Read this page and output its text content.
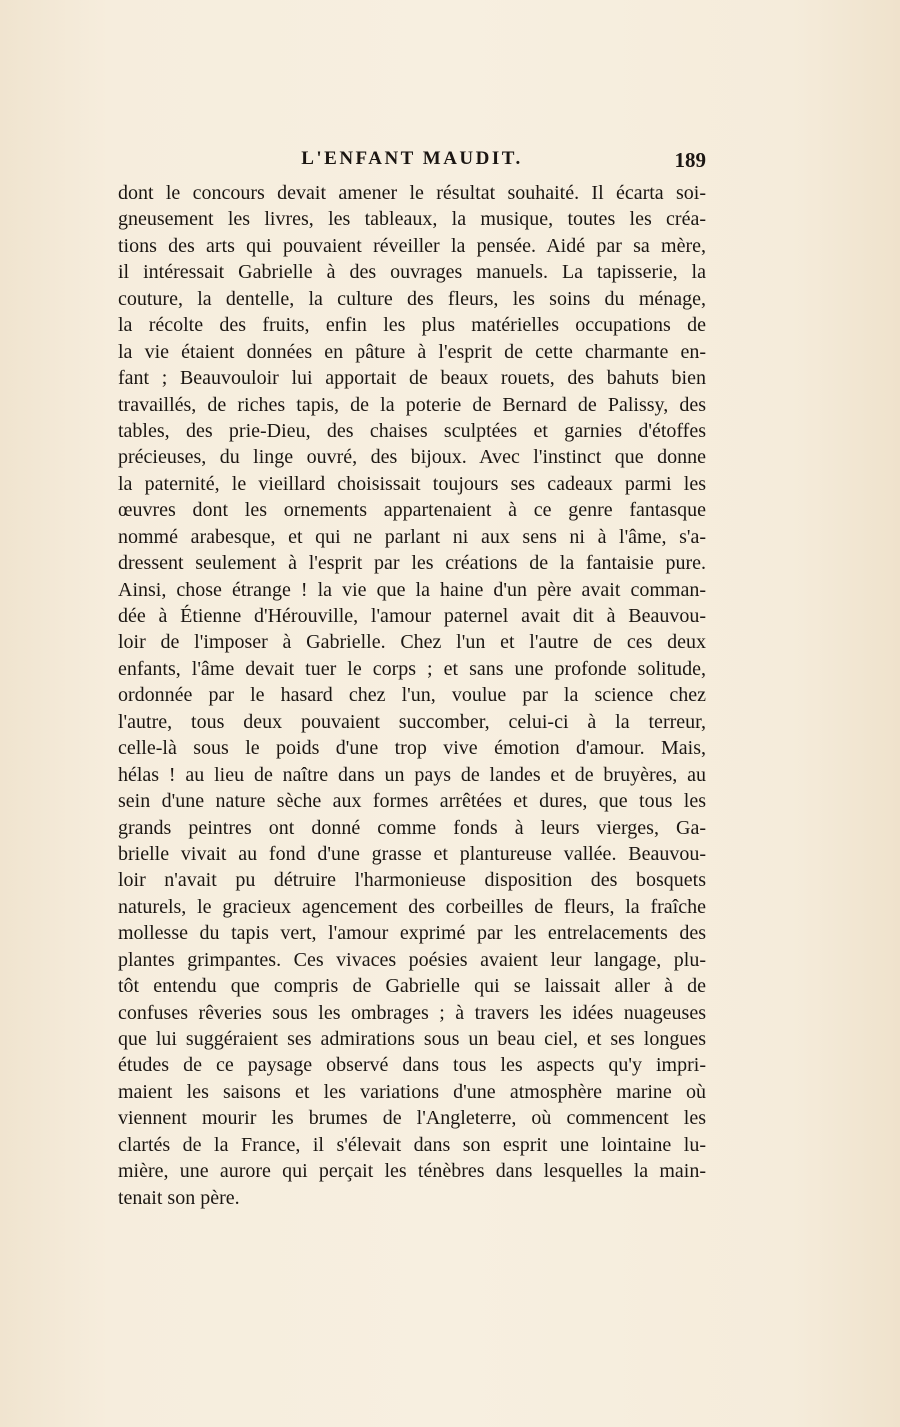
L'ENFANT MAUDIT.	189
dont le concours devait amener le résultat souhaité. Il écarta soi-
gneusement les livres, les tableaux, la musique, toutes les créa-
tions des arts qui pouvaient réveiller la pensée. Aidé par sa mère,
il intéressait Gabrielle à des ouvrages manuels. La tapisserie, la
couture, la dentelle, la culture des fleurs, les soins du ménage,
la récolte des fruits, enfin les plus matérielles occupations de
la vie étaient données en pâture à l'esprit de cette charmante en-
fant ; Beauvouloir lui apportait de beaux rouets, des bahuts bien
travaillés, de riches tapis, de la poterie de Bernard de Palissy, des
tables, des prie-Dieu, des chaises sculptées et garnies d'étoffes
précieuses, du linge ouvré, des bijoux. Avec l'instinct que donne
la paternité, le vieillard choisissait toujours ses cadeaux parmi les
œuvres dont les ornements appartenaient à ce genre fantasque
nommé arabesque, et qui ne parlant ni aux sens ni à l'âme, s'a-
dressent seulement à l'esprit par les créations de la fantaisie pure.
Ainsi, chose étrange ! la vie que la haine d'un père avait comman-
dée à Étienne d'Hérouville, l'amour paternel avait dit à Beauvou-
loir de l'imposer à Gabrielle. Chez l'un et l'autre de ces deux
enfants, l'âme devait tuer le corps ; et sans une profonde solitude,
ordonnée par le hasard chez l'un, voulue par la science chez
l'autre, tous deux pouvaient succomber, celui-ci à la terreur,
celle-là sous le poids d'une trop vive émotion d'amour. Mais,
hélas ! au lieu de naître dans un pays de landes et de bruyères, au
sein d'une nature sèche aux formes arrêtées et dures, que tous les
grands peintres ont donné comme fonds à leurs vierges, Ga-
brielle vivait au fond d'une grasse et plantureuse vallée. Beauvou-
loir n'avait pu détruire l'harmonieuse disposition des bosquets
naturels, le gracieux agencement des corbeilles de fleurs, la fraîche
mollesse du tapis vert, l'amour exprimé par les entrelacements des
plantes grimpantes. Ces vivaces poésies avaient leur langage, plu-
tôt entendu que compris de Gabrielle qui se laissait aller à de
confuses rêveries sous les ombrages ; à travers les idées nuageuses
que lui suggéraient ses admirations sous un beau ciel, et ses longues
études de ce paysage observé dans tous les aspects qu'y impri-
maient les saisons et les variations d'une atmosphère marine où
viennent mourir les brumes de l'Angleterre, où commencent les
clartés de la France, il s'élevait dans son esprit une lointaine lu-
mière, une aurore qui perçait les ténèbres dans lesquelles la main-
tenait son père.
